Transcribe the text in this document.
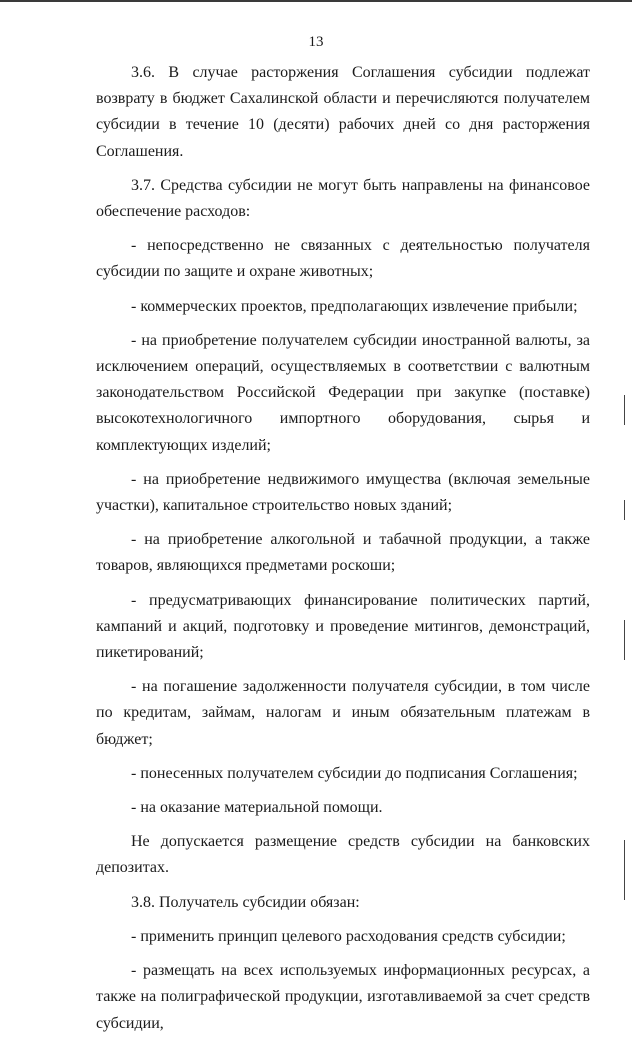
13

3.6. В случае расторжения Соглашения субсидии подлежат возврату в бюджет Сахалинской области и перечисляются получателем субсидии в течение 10 (десяти) рабочих дней со дня расторжения Соглашения.

3.7. Средства субсидии не могут быть направлены на финансовое обеспечение расходов:

- непосредственно не связанных с деятельностью получателя субсидии по защите и охране животных;

- коммерческих проектов, предполагающих извлечение прибыли;

- на приобретение получателем субсидии иностранной валюты, за исключением операций, осуществляемых в соответствии с валютным законодательством Российской Федерации при закупке (поставке) высокотехнологичного импортного оборудования, сырья и комплектующих изделий;

- на приобретение недвижимого имущества (включая земельные участки), капитальное строительство новых зданий;

- на приобретение алкогольной и табачной продукции, а также товаров, являющихся предметами роскоши;

- предусматривающих финансирование политических партий, кампаний и акций, подготовку и проведение митингов, демонстраций, пикетирований;

- на погашение задолженности получателя субсидии, в том числе по кредитам, займам, налогам и иным обязательным платежам в бюджет;

- понесенных получателем субсидии до подписания Соглашения;

- на оказание материальной помощи.

Не допускается размещение средств субсидии на банковских депозитах.

3.8. Получатель субсидии обязан:

- применить принцип целевого расходования средств субсидии;

- размещать на всех используемых информационных ресурсах, а также на полиграфической продукции, изготавливаемой за счет средств субсидии,
